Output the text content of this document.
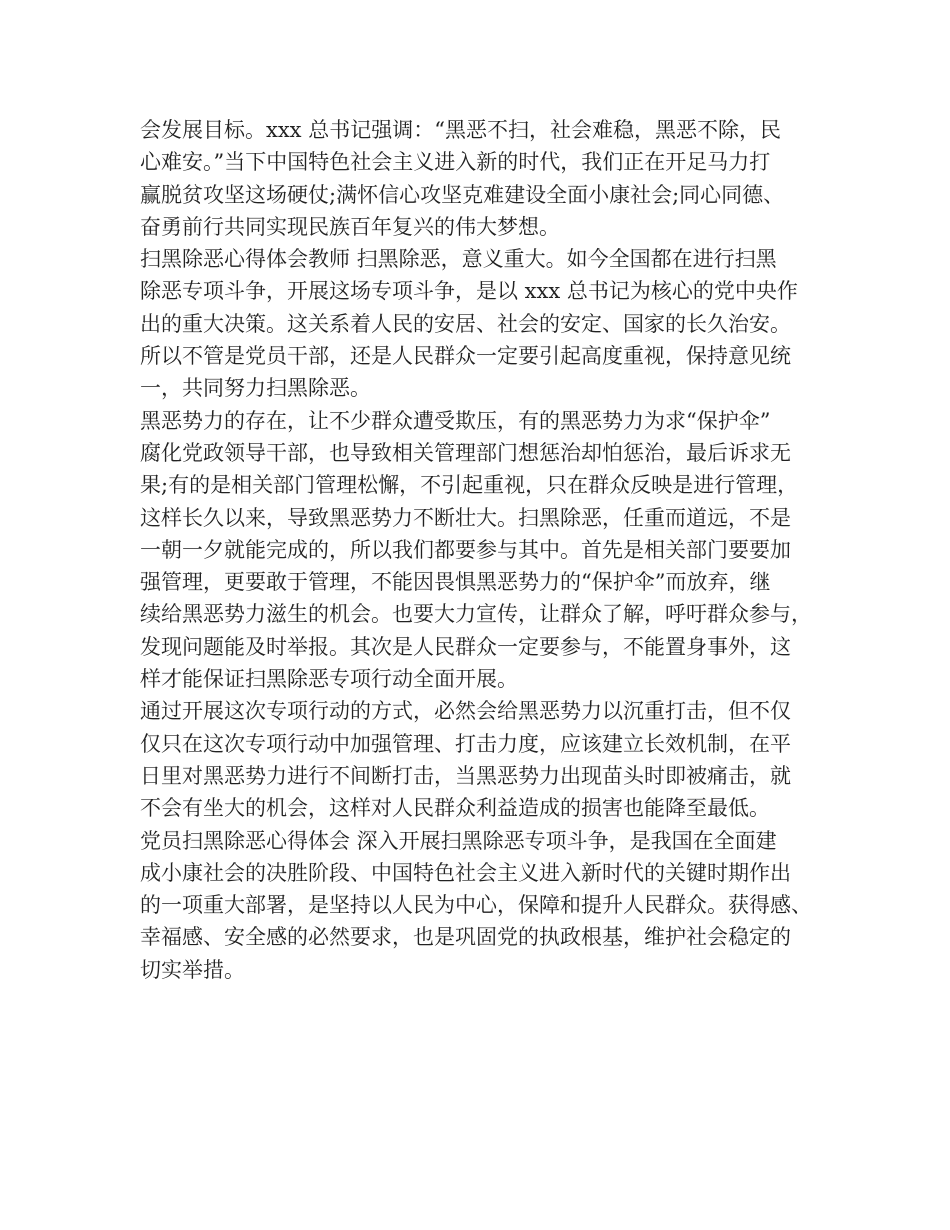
会发展目标。xxx 总书记强调：“黑恶不扫，社会难稳，黑恶不除，民
心难安。”当下中国特色社会主义进入新的时代，我们正在开足马力打
赢脱贫攻坚这场硬仗;满怀信心攻坚克难建设全面小康社会;同心同德、
奋勇前行共同实现民族百年复兴的伟大梦想。
扫黑除恶心得体会教师 扫黑除恶，意义重大。如今全国都在进行扫黑
除恶专项斗争，开展这场专项斗争，是以 xxx 总书记为核心的党中央作
出的重大决策。这关系着人民的安居、社会的安定、国家的长久治安。
所以不管是党员干部，还是人民群众一定要引起高度重视，保持意见统
一，共同努力扫黑除恶。
黑恶势力的存在，让不少群众遭受欺压，有的黑恶势力为求“保护伞”
腐化党政领导干部，也导致相关管理部门想惩治却怕惩治，最后诉求无
果;有的是相关部门管理松懈，不引起重视，只在群众反映是进行管理，
这样长久以来，导致黑恶势力不断壮大。扫黑除恶，任重而道远，不是
一朝一夕就能完成的，所以我们都要参与其中。首先是相关部门要要加
强管理，更要敢于管理，不能因畏惧黑恶势力的“保护伞”而放弃，继
续给黑恶势力滋生的机会。也要大力宣传，让群众了解，呼吁群众参与，
发现问题能及时举报。其次是人民群众一定要参与，不能置身事外，这
样才能保证扫黑除恶专项行动全面开展。
通过开展这次专项行动的方式，必然会给黑恶势力以沉重打击，但不仅
仅只在这次专项行动中加强管理、打击力度，应该建立长效机制，在平
日里对黑恶势力进行不间断打击，当黑恶势力出现苗头时即被痛击，就
不会有坐大的机会，这样对人民群众利益造成的损害也能降至最低。
党员扫黑除恶心得体会 深入开展扫黑除恶专项斗争，是我国在全面建
成小康社会的决胜阶段、中国特色社会主义进入新时代的关键时期作出
的一项重大部署，是坚持以人民为中心，保障和提升人民群众。获得感、
幸福感、安全感的必然要求，也是巩固党的执政根基，维护社会稳定的
切实举措。
